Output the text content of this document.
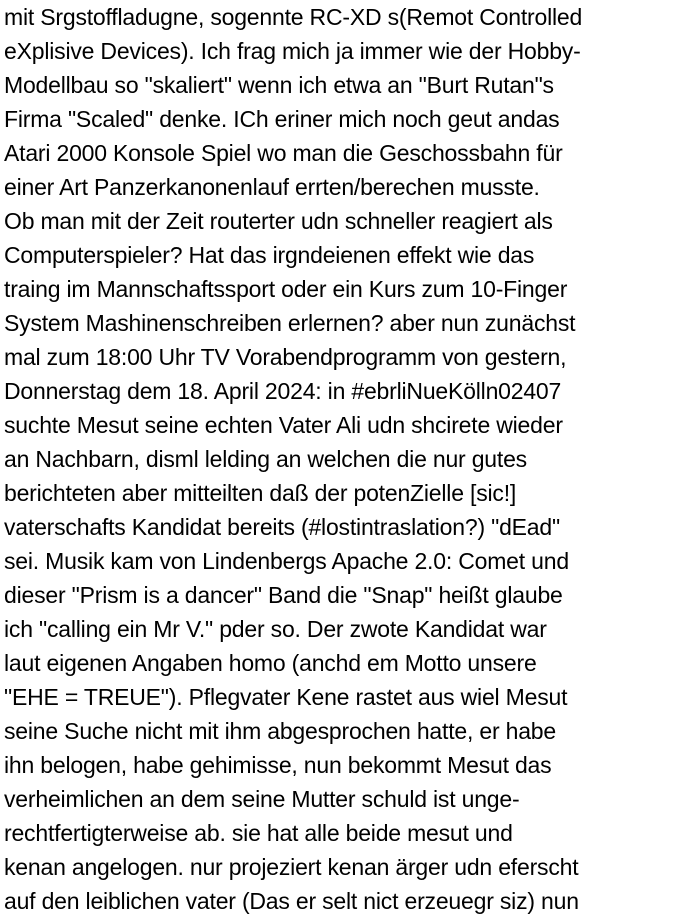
mit Srgstoffladugne, sogennte RC-XD s(Remot Controlled
eXplisive Devices). Ich frag mich ja immer wie der Hobby-
Modellbau so "skaliert" wenn ich etwa an "Burt Rutan"s
Firma "Scaled" denke. ICh eriner mich noch geut andas
Atari 2000 Konsole Spiel wo man die Geschossbahn für
einer Art Panzerkanonenlauf errten/berechen musste.
Ob man mit der Zeit routerter udn schneller reagiert als
Computerspieler? Hat das irgndeienen effekt wie das
traing im Mannschaftssport oder ein Kurs zum 10-Finger
System Mashinenschreiben erlernen? aber nun zunächst
mal zum 18:00 Uhr TV Vorabendprogramm von gestern,
Donnerstag dem 18. April 2024: in #ebrliNueKölln02407
suchte Mesut seine echten Vater Ali udn shcirete wieder
an Nachbarn, disml lelding an welchen die nur gutes
berichteten aber mitteilten daß der potenZielle [sic!]
vaterschafts Kandidat bereits (#lostintraslation?) "dEad"
sei. Musik kam von Lindenbergs Apache 2.0: Comet und
dieser "Prism is a dancer" Band die "Snap" heißt glaube
ich "calling ein Mr V." pder so. Der zwote Kandidat war
laut eigenen Angaben homo (anchd em Motto unsere
"EHE = TREUE"). Pflegvater Kene rastet aus wiel Mesut
seine Suche nicht mit ihm abgesprochen hatte, er habe
ihn belogen, habe gehimisse, nun bekommt Mesut das
verheimlichen an dem seine Mutter schuld ist unge-
rechtfertigterweise ab. sie hat alle beide mesut und
kenan angelogen. nur projeziert kenan ärger udn eferscht
auf den leiblichen vater (Das er selt nict erzeuegr siz) nun
